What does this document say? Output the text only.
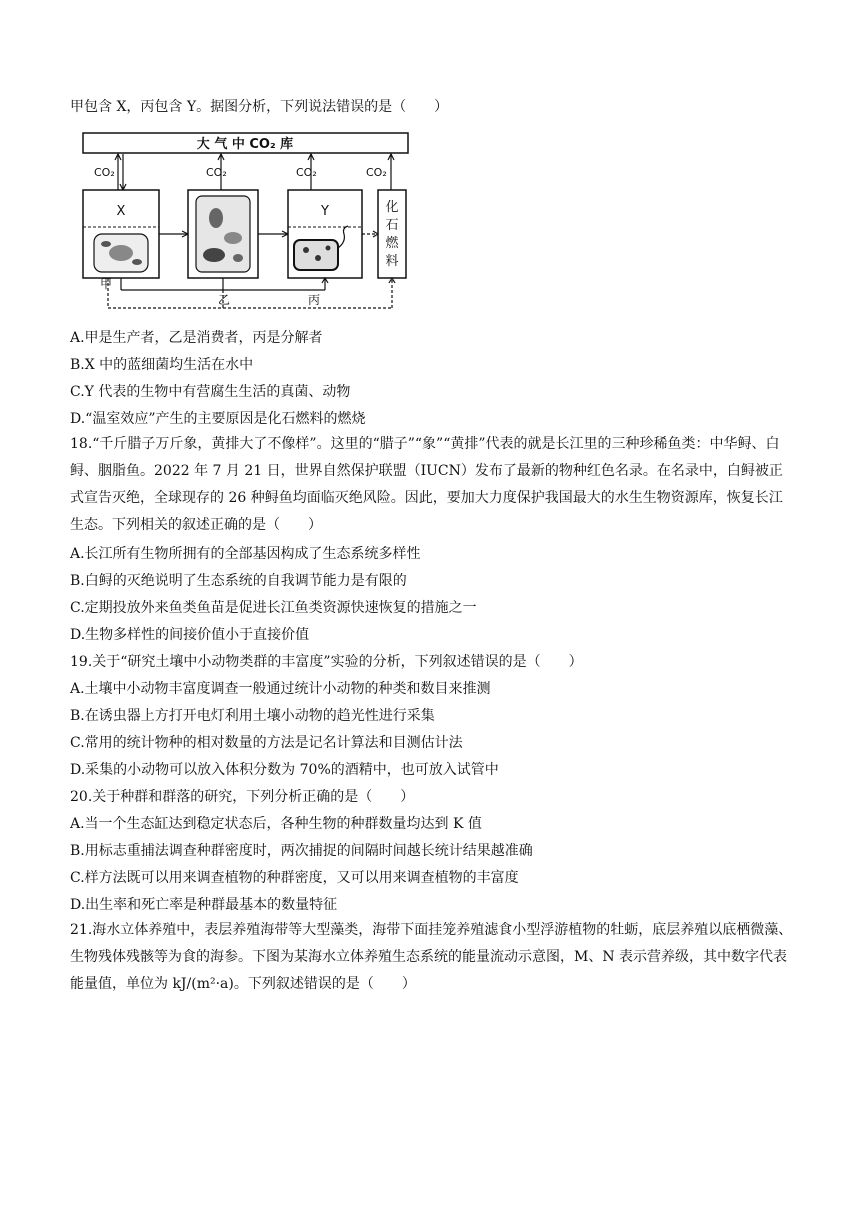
甲包含 X，丙包含 Y。据图分析，下列说法错误的是（　　）
大 气 中 CO₂ 库
CO₂	CO₂	CO₂	CO₂
X	Y	化
石
燃
料
甲
乙	丙
A.甲是生产者，乙是消费者，丙是分解者
B.X 中的蓝细菌均生活在水中
C.Y 代表的生物中有营腐生生活的真菌、动物
D.“温室效应”产生的主要原因是化石燃料的燃烧
18.“千斤腊子万斤象，黄排大了不像样”。这里的“腊子”“象”“黄排”代表的就是长江里的三种珍稀鱼类：中华鲟、白鲟、胭脂鱼。2022 年 7 月 21 日，世界自然保护联盟（IUCN）发布了最新的物种红色名录。在名录中，白鲟被正式宣告灭绝，全球现存的 26 种鲟鱼均面临灭绝风险。因此，要加大力度保护我国最大的水生生物资源库，恢复长江生态。下列相关的叙述正确的是（　　）
A.长江所有生物所拥有的全部基因构成了生态系统多样性
B.白鲟的灭绝说明了生态系统的自我调节能力是有限的
C.定期投放外来鱼类鱼苗是促进长江鱼类资源快速恢复的措施之一
D.生物多样性的间接价值小于直接价值
19.关于“研究土壤中小动物类群的丰富度”实验的分析，下列叙述错误的是（　　）
A.土壤中小动物丰富度调查一般通过统计小动物的种类和数目来推测
B.在诱虫器上方打开电灯利用土壤小动物的趋光性进行采集
C.常用的统计物种的相对数量的方法是记名计算法和目测估计法
D.采集的小动物可以放入体积分数为 70%的酒精中，也可放入试管中
20.关于种群和群落的研究，下列分析正确的是（　　）
A.当一个生态缸达到稳定状态后，各种生物的种群数量均达到 K 值
B.用标志重捕法调查种群密度时，两次捕捉的间隔时间越长统计结果越准确
C.样方法既可以用来调查植物的种群密度，又可以用来调查植物的丰富度
D.出生率和死亡率是种群最基本的数量特征
21.海水立体养殖中，表层养殖海带等大型藻类，海带下面挂笼养殖滤食小型浮游植物的牡蛎，底层养殖以底栖微藻、生物残体残骸等为食的海参。下图为某海水立体养殖生态系统的能量流动示意图，M、N 表示营养级，其中数字代表能量值，单位为 kJ/(m²·a)。下列叙述错误的是（　　）
